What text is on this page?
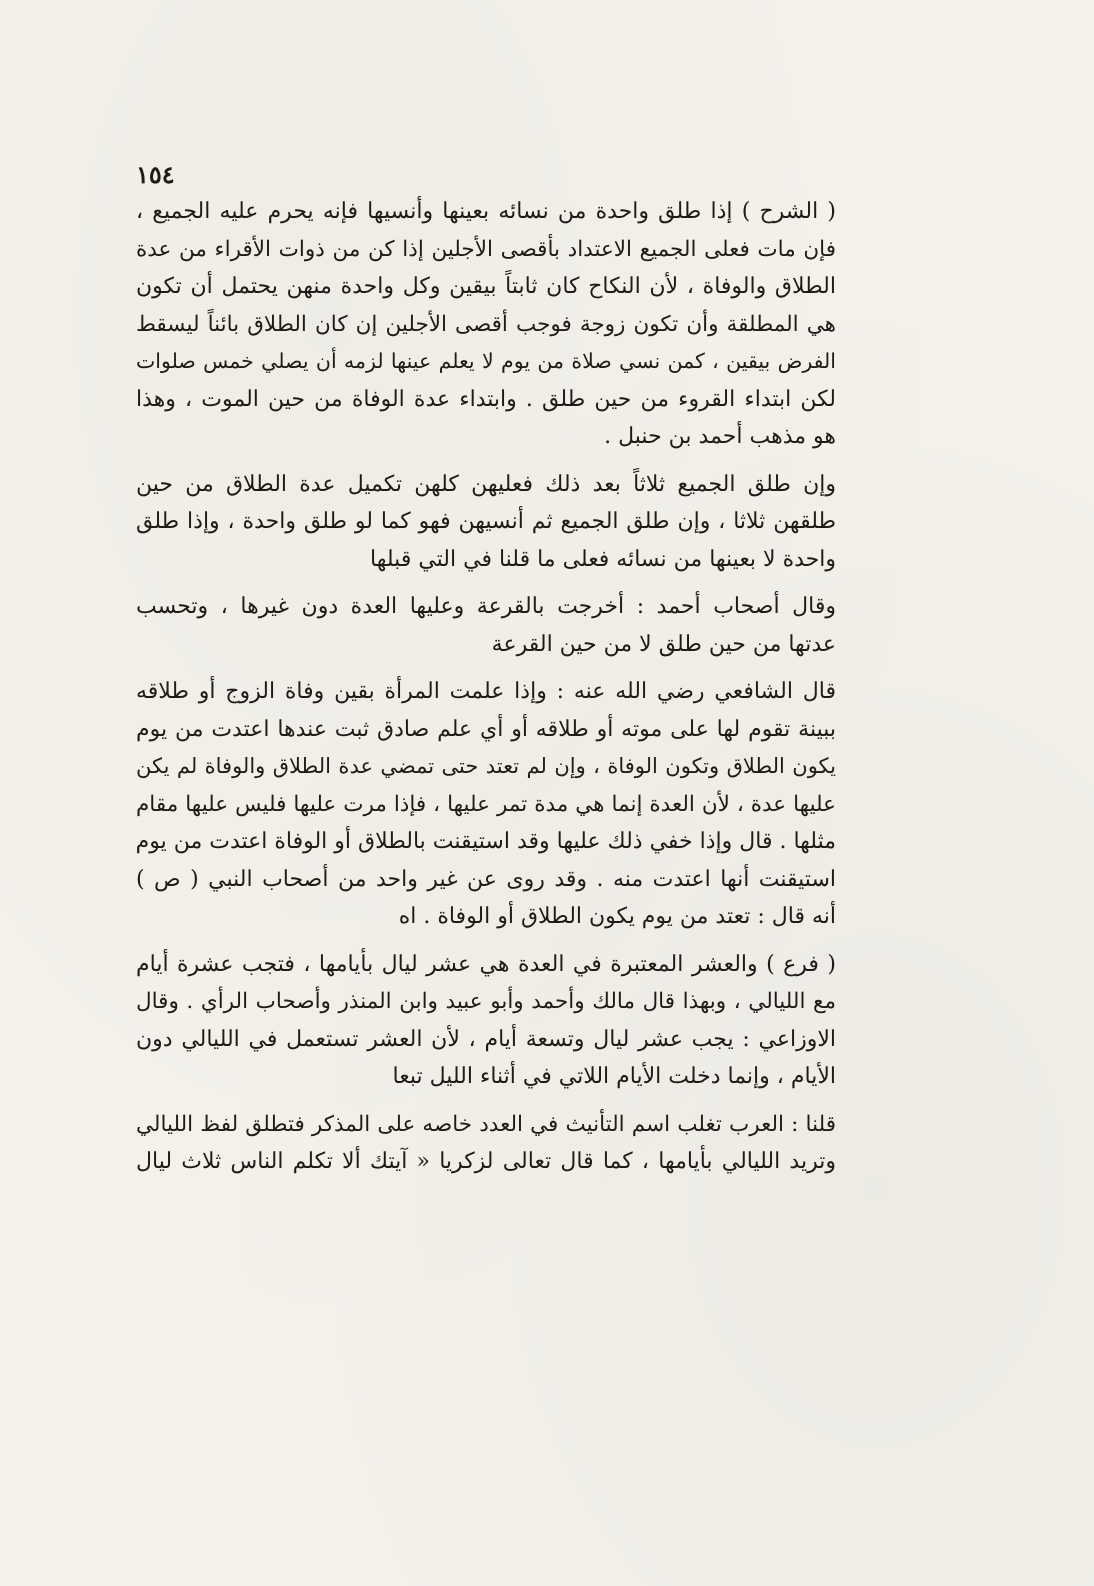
١٥٤

( الشرح ) إذا طلق واحدة من نسائه بعينها وأنسيها فإنه يحرم عليه الجميع ،
فإن مات فعلى الجميع الاعتداد بأقصى الأجلين إذا كن من ذوات الأقراء من عدة
الطلاق والوفاة ، لأن النكاح كان ثابتاً بيقين وكل واحدة منهن يحتمل أن تكون
هي المطلقة وأن تكون زوجة فوجب أقصى الأجلين إن كان الطلاق بائناً ليسقط
الفرض بيقين ، كمن نسي صلاة من يوم لا يعلم عينها لزمه أن يصلي خمس صلوات
لكن ابتداء القروء من حين طلق . وابتداء عدة الوفاة من حين الموت ، وهذا
هو مذهب أحمد بن حنبل .

وإن طلق الجميع ثلاثاً بعد ذلك فعليهن كلهن تكميل عدة الطلاق من حين
طلقهن ثلاثا ، وإن طلق الجميع ثم أنسيهن فهو كما لو طلق واحدة ، وإذا طلق
واحدة لا بعينها من نسائه فعلى ما قلنا في التي قبلها

وقال أصحاب أحمد : أخرجت بالقرعة وعليها العدة دون غيرها ، وتحسب
عدتها من حين طلق لا من حين القرعة

قال الشافعي رضي الله عنه : وإذا علمت المرأة بقين وفاة الزوج أو طلاقه
ببينة تقوم لها على موته أو طلاقه أو أي علم صادق ثبت عندها اعتدت من يوم
يكون الطلاق وتكون الوفاة ، وإن لم تعتد حتى تمضي عدة الطلاق والوفاة لم يكن
عليها عدة ، لأن العدة إنما هي مدة تمر عليها ، فإذا مرت عليها فليس عليها مقام
مثلها . قال وإذا خفي ذلك عليها وقد استيقنت بالطلاق أو الوفاة اعتدت من يوم
استيقنت أنها اعتدت منه . وقد روى عن غير واحد من أصحاب النبي ( ص )
أنه قال : تعتد من يوم يكون الطلاق أو الوفاة . اه

( فرع ) والعشر المعتبرة في العدة هي عشر ليال بأيامها ، فتجب عشرة أيام
مع الليالي ، وبهذا قال مالك وأحمد وأبو عبيد وابن المنذر وأصحاب الرأي . وقال
الاوزاعي : يجب عشر ليال وتسعة أيام ، لأن العشر تستعمل في الليالي دون
الأيام ، وإنما دخلت الأيام اللاتي في أثناء الليل تبعا

قلنا : العرب تغلب اسم التأنيث في العدد خاصه على المذكر فتطلق لفظ الليالي
وتريد الليالي بأيامها ، كما قال تعالى لزكريا « آيتك ألا تكلم الناس ثلاث ليال
